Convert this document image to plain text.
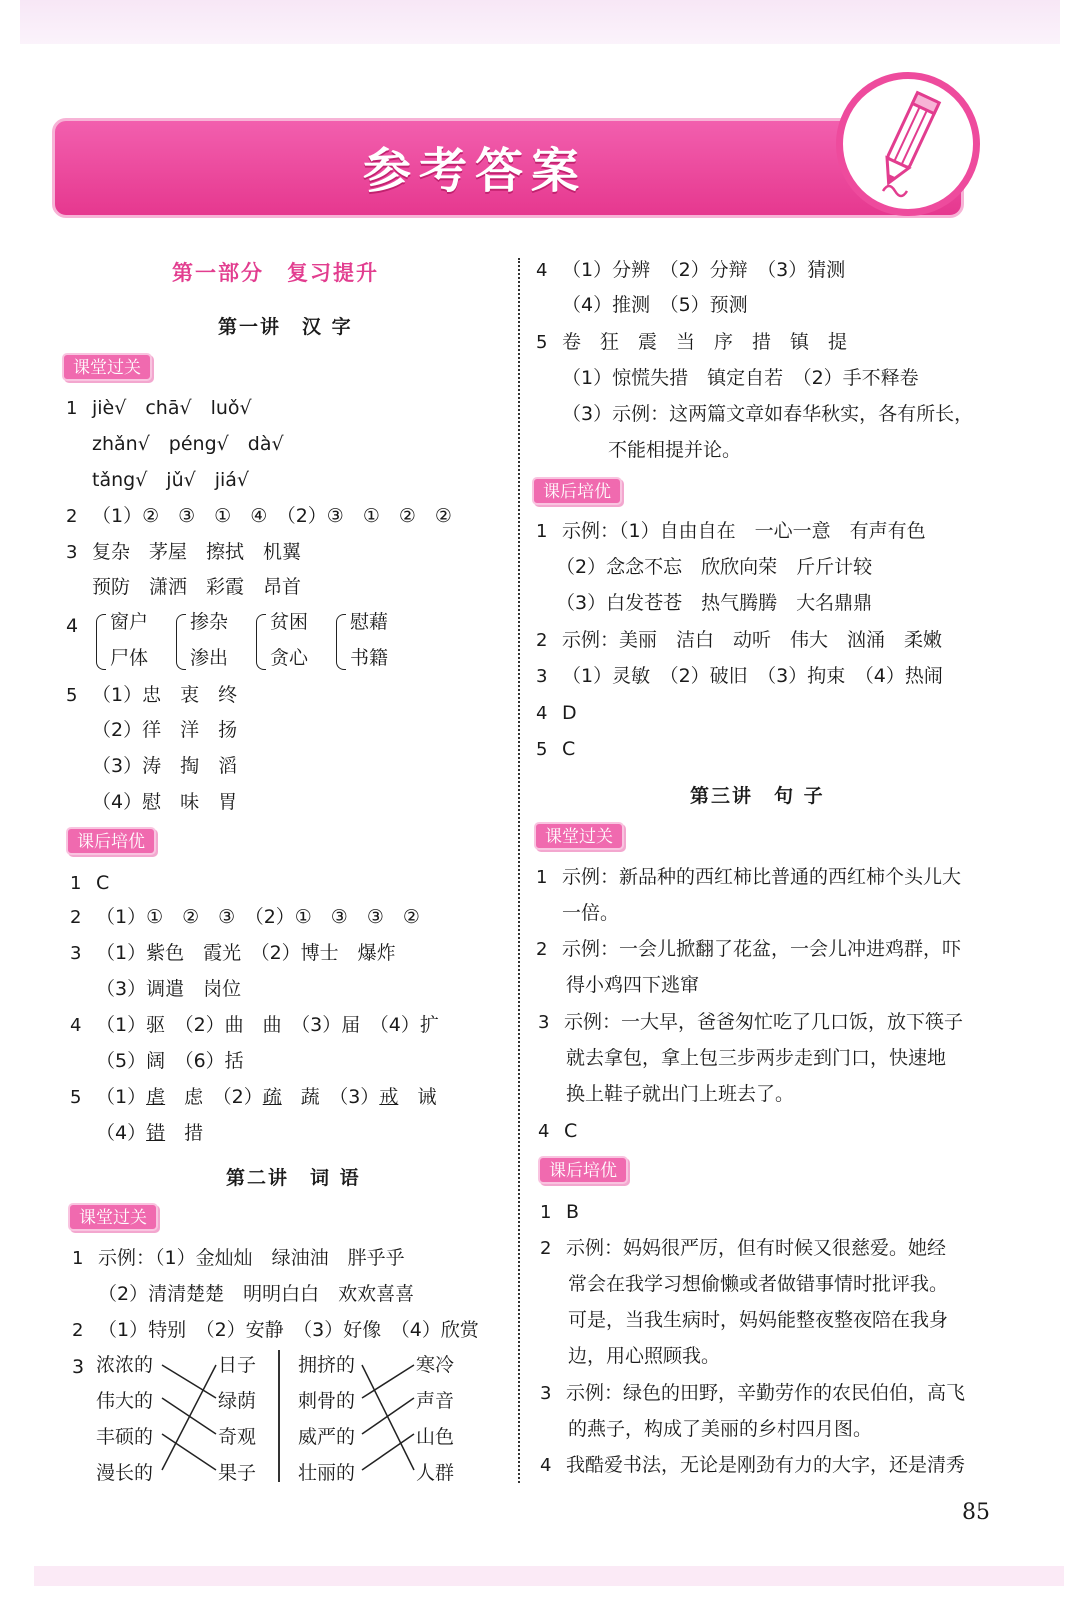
参考答案
第一部分　复习提升
第一讲　汉 字
课堂过关
1 jiè√　chā√　luǒ√
zhǎn√　péng√　dà√
tǎng√　jǔ√　jiá√
2 （1）②　③　①　④　（2）③　①　②　②
3 复杂　茅屋　擦拭　机翼
预防　潇洒　彩霞　昂首
4 窗户
尸体
掺杂
渗出
贫困
贪心
慰藉
书籍
5 （1）忠　衷　终
（2）徉　洋　扬
（3）涛　掏　滔
（4）慰　味　胃
课后培优
1 C
2 （1）①　②　③　（2）①　③　③　②
3 （1）紫色　霞光　（2）博士　爆炸
（3）调遣　岗位
4 （1）驱　（2）曲　曲　（3）届　（4）扩
（5）阔　（6）括
5 （1）虐　虑　（2）疏　蔬　（3）戒　诫
（4）错　措
第二讲　词 语
课堂过关
1 示例：（1）金灿灿　绿油油　胖乎乎
（2）清清楚楚　明明白白　欢欢喜喜
2 （1）特别　（2）安静　（3）好像　（4）欣赏
3 浓浓的
伟大的
丰硕的
漫长的
日子
绿荫
奇观
果子
拥挤的
刺骨的
威严的
壮丽的
寒冷
声音
山色
人群
4 （1）分辨　（2）分辩　（3）猜测
（4）推测　（5）预测
5 卷　狂　震　当　序　措　镇　提
（1）惊慌失措　镇定自若　（2）手不释卷
（3）示例：这两篇文章如春华秋实，各有所长，
不能相提并论。
课后培优
1 示例：（1）自由自在　一心一意　有声有色
（2）念念不忘　欣欣向荣　斤斤计较
（3）白发苍苍　热气腾腾　大名鼎鼎
2 示例：美丽　洁白　动听　伟大　汹涌　柔嫩
3 （1）灵敏　（2）破旧　（3）拘束　（4）热闹
4 D
5 C
第三讲　句 子
课堂过关
1 示例：新品种的西红柿比普通的西红柿个头儿大
一倍。
2 示例：一会儿掀翻了花盆，一会儿冲进鸡群，吓
得小鸡四下逃窜
3 示例：一大早，爸爸匆忙吃了几口饭，放下筷子
就去拿包，拿上包三步两步走到门口，快速地
换上鞋子就出门上班去了。
4 C
课后培优
1 B
2 示例：妈妈很严厉，但有时候又很慈爱。她经
常会在我学习想偷懒或者做错事情时批评我。
可是，当我生病时，妈妈能整夜整夜陪在我身
边，用心照顾我。
3 示例：绿色的田野，辛勤劳作的农民伯伯，高飞
的燕子，构成了美丽的乡村四月图。
4 我酷爱书法，无论是刚劲有力的大字，还是清秀
85
